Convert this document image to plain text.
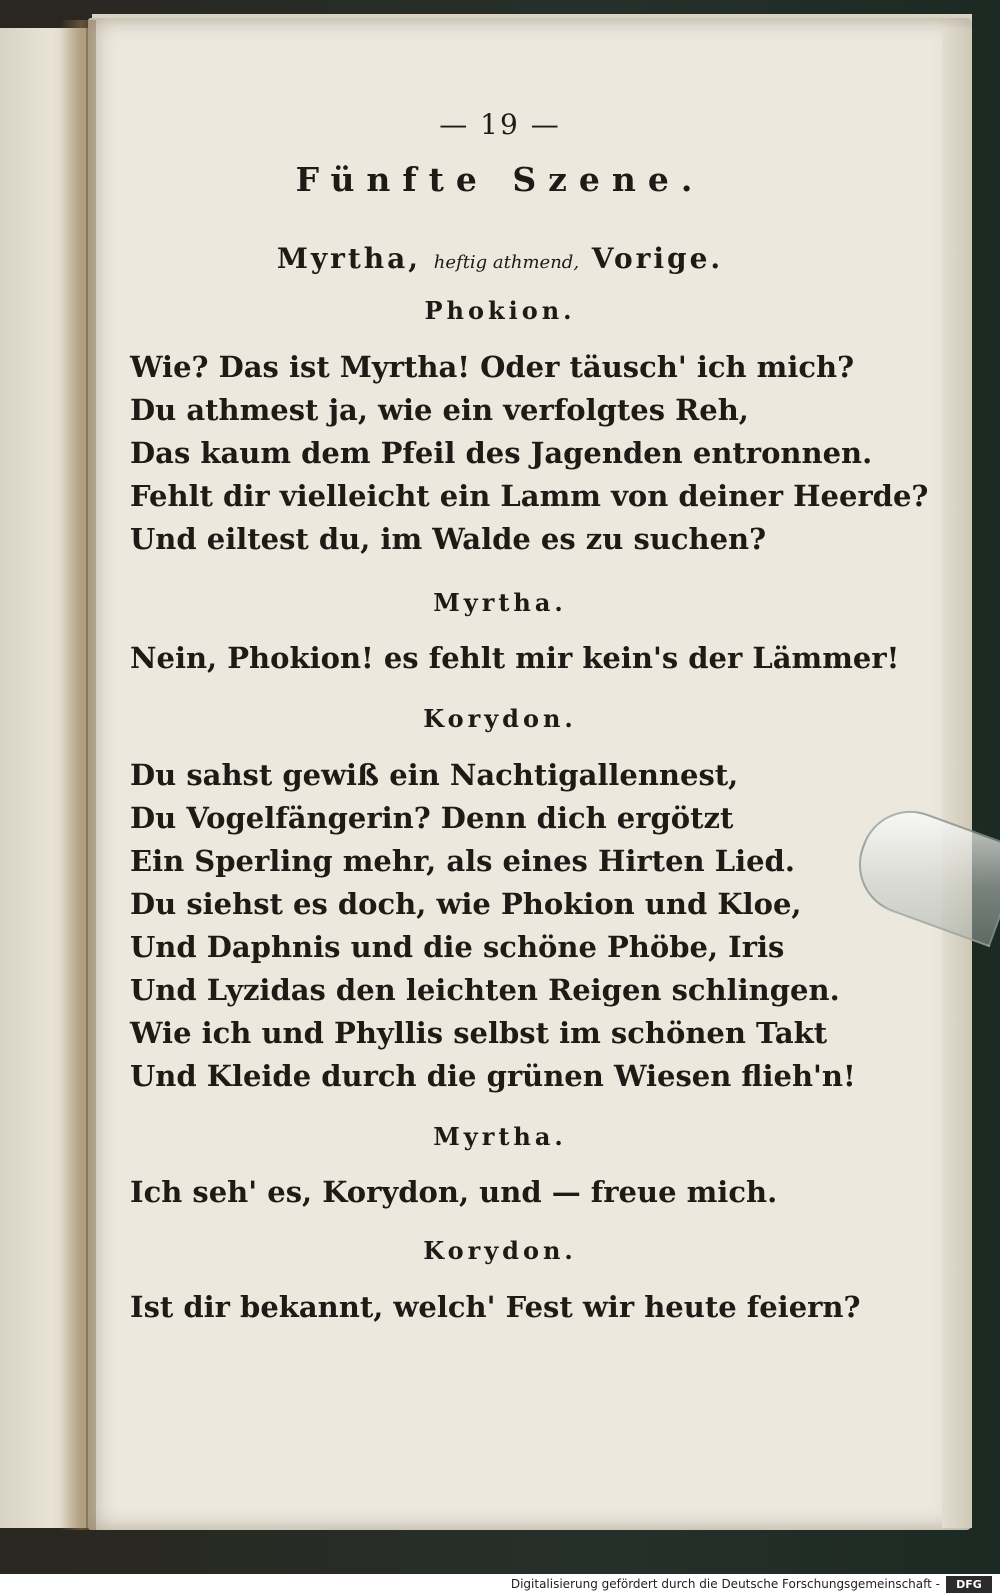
— 19 —
Fünfte Szene.
Myrtha, heftig athmend, Vorige.
Phokion.
Wie? Das ist Myrtha! Oder täusch' ich mich?
Du athmest ja, wie ein verfolgtes Reh,
Das kaum dem Pfeil des Jagenden entronnen.
Fehlt dir vielleicht ein Lamm von deiner Heerde?
Und eiltest du, im Walde es zu suchen?
Myrtha.
Nein, Phokion! es fehlt mir kein's der Lämmer!
Korydon.
Du sahst gewiß ein Nachtigallennest,
Du Vogelfängerin? Denn dich ergötzt
Ein Sperling mehr, als eines Hirten Lied.
Du siehst es doch, wie Phokion und Kloe,
Und Daphnis und die schöne Phöbe, Iris
Und Lyzidas den leichten Reigen schlingen.
Wie ich und Phyllis selbst im schönen Takt
Und Kleide durch die grünen Wiesen flieh'n!
Myrtha.
Ich seh' es, Korydon, und — freue mich.
Korydon.
Ist dir bekannt, welch' Fest wir heute feiern?
Digitalisierung gefördert durch die Deutsche Forschungsgemeinschaft -	DFG
